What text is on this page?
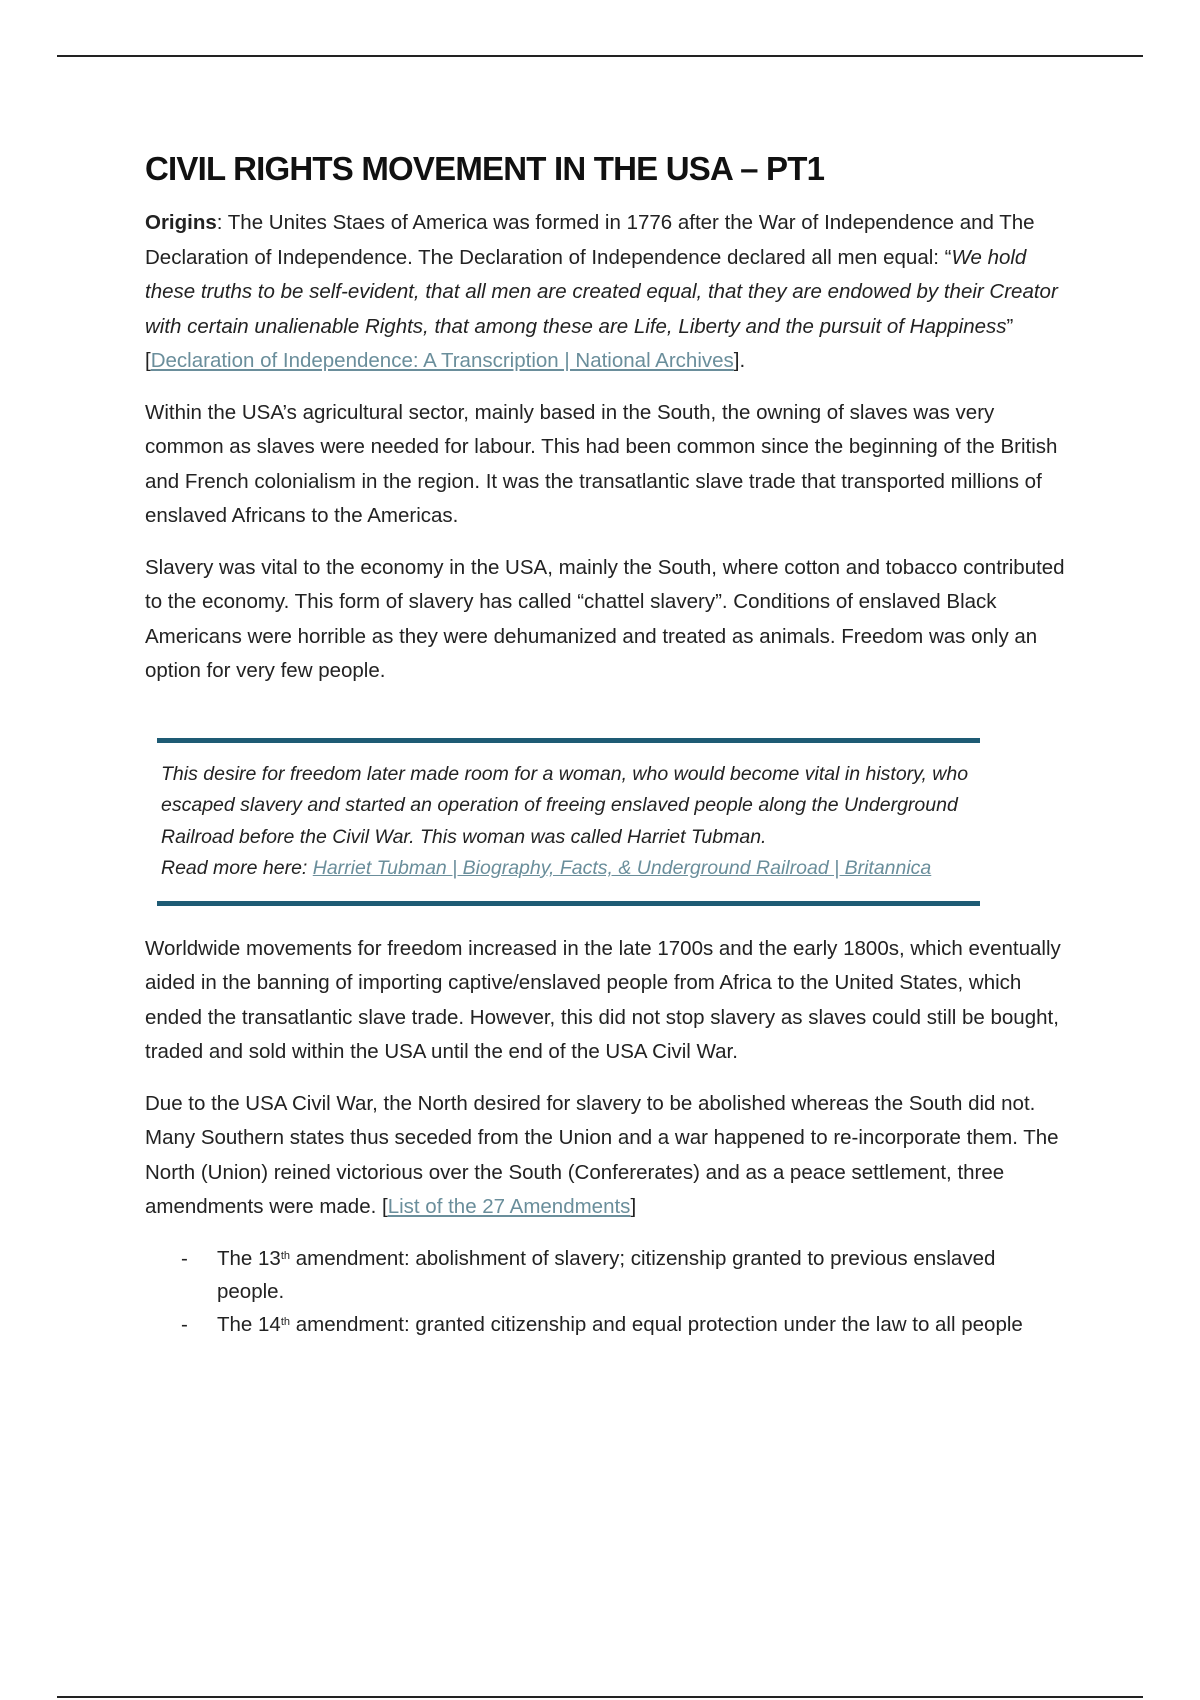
CIVIL RIGHTS MOVEMENT IN THE USA – PT1

Origins: The Unites Staes of America was formed in 1776 after the War of Independence and The Declaration of Independence. The Declaration of Independence declared all men equal: “We hold these truths to be self-evident, that all men are created equal, that they are endowed by their Creator with certain unalienable Rights, that among these are Life, Liberty and the pursuit of Happiness” [Declaration of Independence: A Transcription | National Archives].

Within the USA’s agricultural sector, mainly based in the South, the owning of slaves was very common as slaves were needed for labour. This had been common since the beginning of the British and French colonialism in the region. It was the transatlantic slave trade that transported millions of enslaved Africans to the Americas.

Slavery was vital to the economy in the USA, mainly the South, where cotton and tobacco contributed to the economy. This form of slavery has called “chattel slavery”. Conditions of enslaved Black Americans were horrible as they were dehumanized and treated as animals. Freedom was only an option for very few people.

This desire for freedom later made room for a woman, who would become vital in history, who escaped slavery and started an operation of freeing enslaved people along the Underground Railroad before the Civil War. This woman was called Harriet Tubman.
Read more here: Harriet Tubman | Biography, Facts, & Underground Railroad | Britannica

Worldwide movements for freedom increased in the late 1700s and the early 1800s, which eventually aided in the banning of importing captive/enslaved people from Africa to the United States, which ended the transatlantic slave trade. However, this did not stop slavery as slaves could still be bought, traded and sold within the USA until the end of the USA Civil War.

Due to the USA Civil War, the North desired for slavery to be abolished whereas the South did not. Many Southern states thus seceded from the Union and a war happened to re-incorporate them. The North (Union) reined victorious over the South (Confererates) and as a peace settlement, three amendments were made. [List of the 27 Amendments]

- The 13th amendment: abolishment of slavery; citizenship granted to previous enslaved people.
- The 14th amendment: granted citizenship and equal protection under the law to all people
